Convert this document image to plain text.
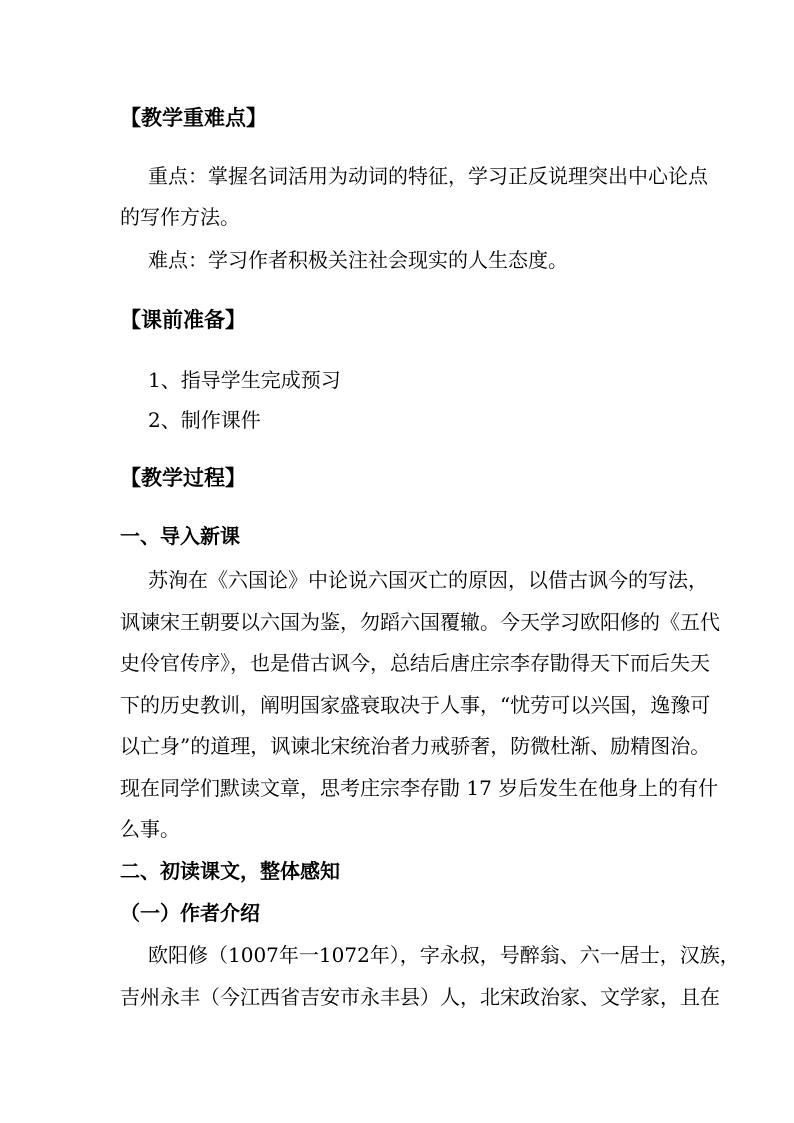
【教学重难点】
重点：掌握名词活用为动词的特征，学习正反说理突出中心论点
的写作方法。
难点：学习作者积极关注社会现实的人生态度。
【课前准备】
1、指导学生完成预习
2、制作课件
【教学过程】
一、导入新课
苏洵在《六国论》中论说六国灭亡的原因，以借古讽今的写法，
讽谏宋王朝要以六国为鉴，勿蹈六国覆辙。今天学习欧阳修的《五代
史伶官传序》，也是借古讽今，总结后唐庄宗李存勖得天下而后失天
下的历史教训，阐明国家盛衰取决于人事，“忧劳可以兴国，逸豫可
以亡身”的道理，讽谏北宋统治者力戒骄奢，防微杜渐、励精图治。
现在同学们默读文章，思考庄宗李存勖 17 岁后发生在他身上的有什
么事。
二、初读课文，整体感知
（一）作者介绍
欧阳修（1007年一1072年），字永叔，号醉翁、六一居士，汉族，
吉州永丰（今江西省吉安市永丰县）人，北宋政治家、文学家，且在
